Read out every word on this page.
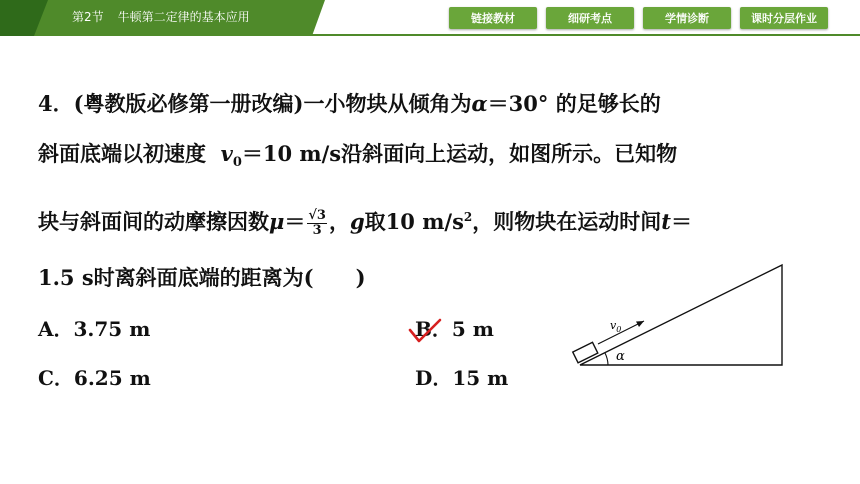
第2节 牛顿第二定律的基本应用	链接教材	细研考点	学情诊断	课时分层作业
4．(粤教版必修第一册改编)一小物块从倾角为α＝30° 的足够长的
斜面底端以初速度 $v_0=10$ m/s沿斜面向上运动，如图所示。已知物
块与斜面间的动摩擦因数$\mu= \frac{√3}{3}$ ，g取10 $m/s^2$，则物块在运动时间t＝
1.5 s时离斜面底端的距离为(　　)
A．3.75 m	B．5 m
C．6.25 m	D．15 m
$v_0$
α
